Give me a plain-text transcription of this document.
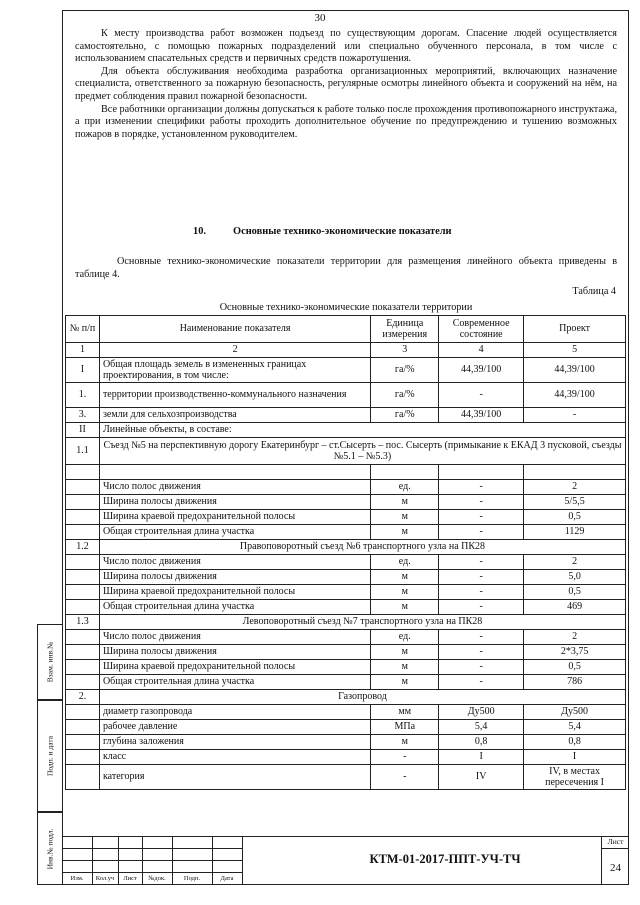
30

К месту производства работ возможен подъезд по существующим дорогам. Спасение людей осуществляется самостоятельно, с помощью пожарных подразделений или специально обученного персонала, в том числе с использованием спасательных средств и первичных средств пожаротушения.

Для объекта обслуживания необходима разработка организационных мероприятий, включающих назначение специалиста, ответственного за пожарную безопасность, регулярные осмотры линейного объекта и сооружений на нём, на предмет соблюдения правил пожарной безопасности.

Все работники организации должны допускаться к работе только после прохождения противопожарного инструктажа, а при изменении специфики работы проходить дополнительное обучение по предупреждению и тушению возможных пожаров в порядке, установленном руководителем.

10.	Основные технико-экономические показатели
Основные технико-экономические показатели территории для размещения линейного объекта приведены в таблице 4.
Таблица 4
Основные технико-экономические показатели территории
№ п/п	Наименование показателя	Единица измерения	Современное состояние	Проект
1	2	3	4	5
I	Общая площадь земель в измененных границах проектирования, в том числе:	га/%	44,39/100	44,39/100
1.	территории производственно-коммунального назначения	га/%	-	44,39/100
3.	земли для сельхозпроизводства	га/%	44,39/100	-
II	Линейные объекты, в составе:			
1.1	Съезд №5 на перспективную дорогу Екатеринбург – ст.Сысерть – пос. Сысерть (примыкание к ЕКАД 3 пусковой, съезды №5.1 – №5.3)			

	Число полос движения	ед.	-	2
	Ширина полосы движения	м	-	5/5,5
	Ширина краевой предохранительной полосы	м	-	0,5
	Общая строительная длина участка	м	-	1129
1.2	Правоповоротный съезд №6 транспортного узла на ПК28			
	Число полос движения	ед.	-	2
	Ширина полосы движения	м	-	5,0
	Ширина краевой предохранительной полосы	м	-	0,5
	Общая строительная длина участка	м	-	469
1.3	Левоповоротный съезд №7 транспортного узла на ПК28			
	Число полос движения	ед.	-	2
	Ширина полосы движения	м	-	2*3,75
	Ширина краевой предохранительной полосы	м	-	0,5
	Общая строительная длина участка	м	-	786
2.	Газопровод			
	диаметр газопровода	мм	Ду500	Ду500
	рабочее давление	МПа	5,4	5,4
	глубина заложения	м	0,8	0,8
	класс	-	I	I
	категория	-	IV	IV, в местах пересечения I
Взам. инв.№
Подп. и дата
Инв.№ подл.
Изм.	Кол.уч	Лист	№док.	Подп.	Дата
КТМ-01-2017-ППТ-УЧ-ТЧ
Лист
24
